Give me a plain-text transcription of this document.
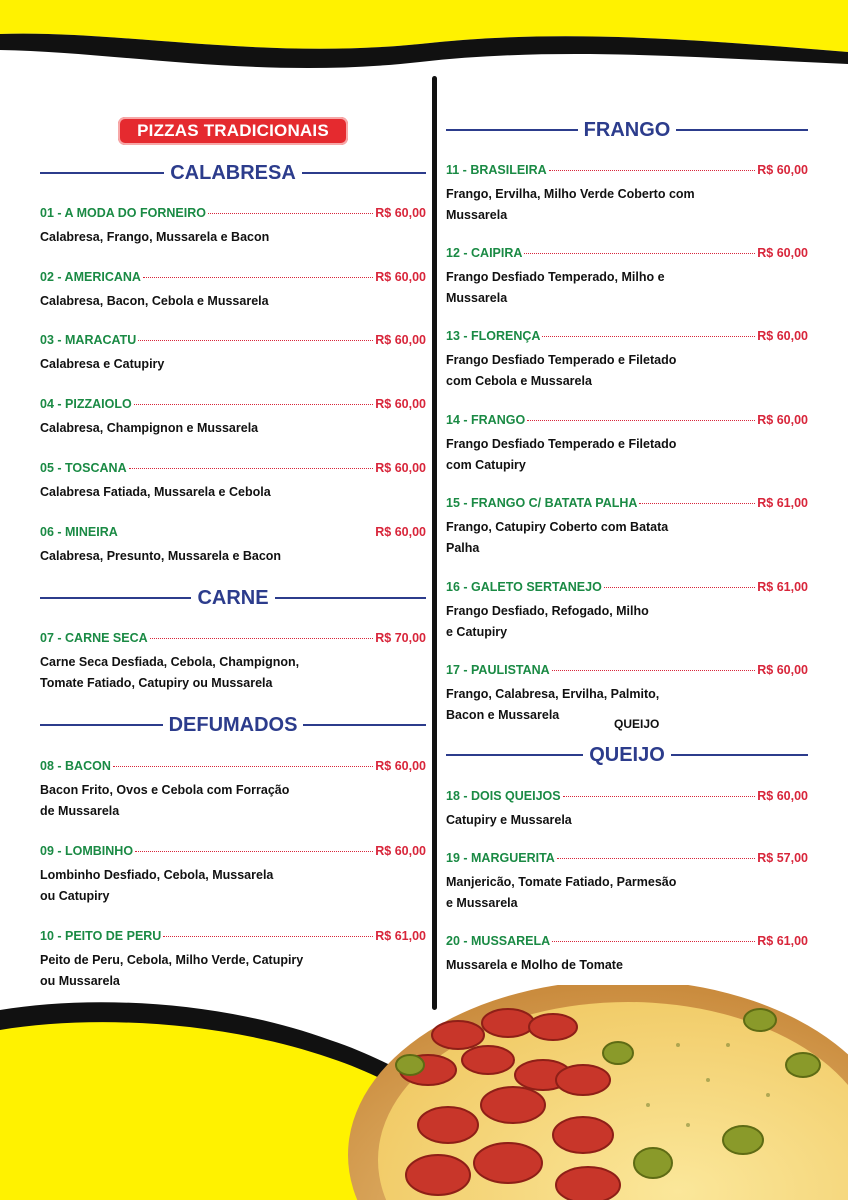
PIZZAS TRADICIONAIS
CALABRESA
01 - A MODA DO FORNEIRO	R$ 60,00
Calabresa, Frango, Mussarela e Bacon
02 - AMERICANA	R$ 60,00
Calabresa, Bacon, Cebola e Mussarela
03 - MARACATU	R$ 60,00
Calabresa e Catupiry
04 - PIZZAIOLO	R$ 60,00
Calabresa, Champignon e Mussarela
05 - TOSCANA	R$ 60,00
Calabresa Fatiada, Mussarela e Cebola
06 - MINEIRA	R$ 60,00
Calabresa, Presunto, Mussarela e Bacon
CARNE
07 - CARNE SECA	R$ 70,00
Carne Seca Desfiada, Cebola, Champignon,
Tomate Fatiado, Catupiry ou Mussarela
DEFUMADOS
08 - BACON	R$ 60,00
Bacon Frito, Ovos e Cebola com Forração
de Mussarela
09 - LOMBINHO	R$ 60,00
Lombinho Desfiado, Cebola, Mussarela
ou Catupiry
10 - PEITO DE PERU	R$ 61,00
Peito de Peru, Cebola, Milho Verde, Catupiry
ou Mussarela
FRANGO
11 - BRASILEIRA	R$ 60,00
Frango, Ervilha, Milho Verde Coberto com
Mussarela
12 - CAIPIRA	R$ 60,00
Frango Desfiado Temperado, Milho e
Mussarela
13 - FLORENÇA	R$ 60,00
Frango Desfiado Temperado e Filetado
com Cebola e Mussarela
14 - FRANGO	R$ 60,00
Frango Desfiado Temperado e Filetado
com Catupiry
15 - FRANGO C/ BATATA PALHA	R$ 61,00
Frango, Catupiry Coberto com Batata
Palha
16 - GALETO SERTANEJO	R$ 61,00
Frango Desfiado, Refogado, Milho
e Catupiry
17 - PAULISTANA	R$ 60,00
Frango, Calabresa, Ervilha, Palmito,
Bacon e Mussarela
QUEIJO
QUEIJO
18 - DOIS QUEIJOS	R$ 60,00
Catupiry e Mussarela
19 - MARGUERITA	R$ 57,00
Manjericão, Tomate Fatiado, Parmesão
e Mussarela
20 - MUSSARELA	R$ 61,00
Mussarela e Molho de Tomate
